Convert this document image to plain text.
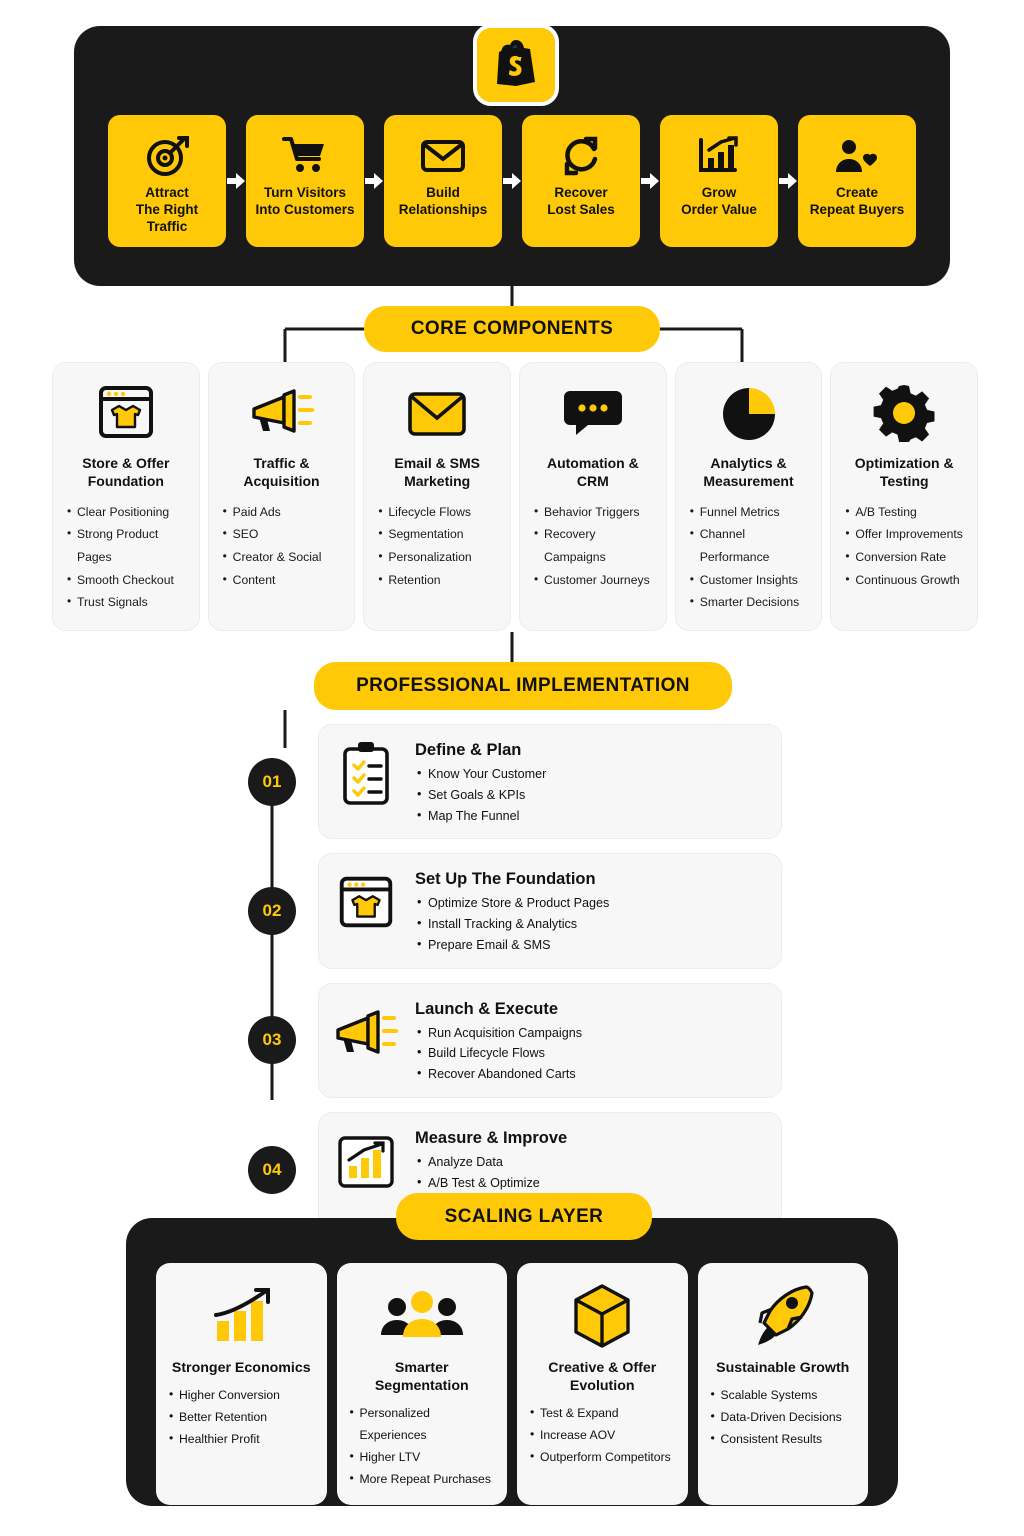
Attract
The Right
Traffic
Turn Visitors
Into Customers
Build
Relationships
Recover
Lost Sales
Grow
Order Value
Create
Repeat Buyers
CORE COMPONENTS
Store & Offer Foundation
• Clear Positioning
• Strong Product Pages
• Smooth Checkout
• Trust Signals
Traffic & Acquisition
• Paid Ads
• SEO
• Creator & Social
• Content
Email & SMS Marketing
• Lifecycle Flows
• Segmentation
• Personalization
• Retention
Automation & CRM
• Behavior Triggers
• Recovery Campaigns
• Customer Journeys
Analytics & Measurement
• Funnel Metrics
• Channel Performance
• Customer Insights
• Smarter Decisions
Optimization & Testing
• A/B Testing
• Offer Improvements
• Conversion Rate
• Continuous Growth
PROFESSIONAL IMPLEMENTATION
01
Define & Plan
• Know Your Customer
• Set Goals & KPIs
• Map The Funnel
02
Set Up The Foundation
• Optimize Store & Product Pages
• Install Tracking & Analytics
• Prepare Email & SMS
03
Launch & Execute
• Run Acquisition Campaigns
• Build Lifecycle Flows
• Recover Abandoned Carts
04
Measure & Improve
• Analyze Data
• A/B Test & Optimize
•
SCALING LAYER
Stronger Economics
• Higher Conversion
• Better Retention
• Healthier Profit
Smarter Segmentation
• Personalized Experiences
• Higher LTV
• More Repeat Purchases
Creative & Offer Evolution
• Test & Expand
• Increase AOV
• Outperform Competitors
Sustainable Growth
• Scalable Systems
• Data-Driven Decisions
• Consistent Results
